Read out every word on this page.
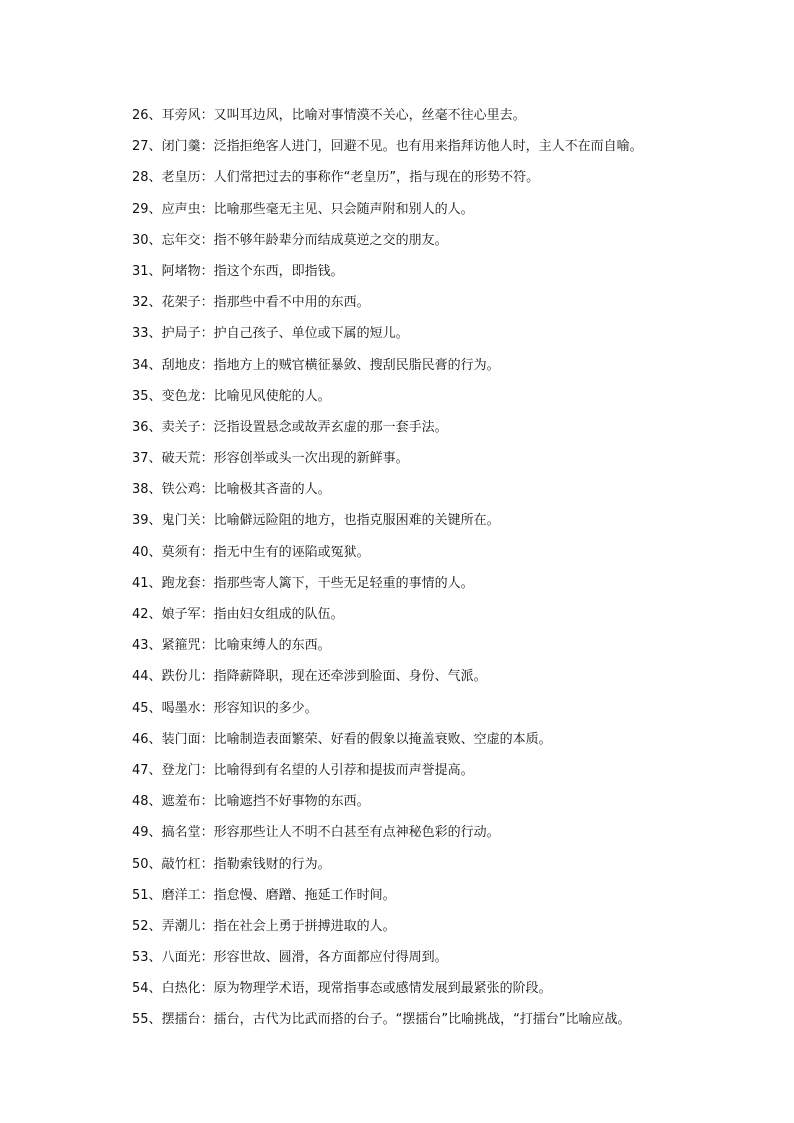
26、耳旁风：又叫耳边风，比喻对事情漠不关心，丝毫不往心里去。
27、闭门羹：泛指拒绝客人进门，回避不见。也有用来指拜访他人时，主人不在而自喻。
28、老皇历：人们常把过去的事称作“老皇历”，指与现在的形势不符。
29、应声虫：比喻那些毫无主见、只会随声附和别人的人。
30、忘年交：指不够年龄辈分而结成莫逆之交的朋友。
31、阿堵物：指这个东西，即指钱。
32、花架子：指那些中看不中用的东西。
33、护局子：护自己孩子、单位或下属的短儿。
34、刮地皮：指地方上的贼官横征暴敛、搜刮民脂民膏的行为。
35、变色龙：比喻见风使舵的人。
36、卖关子：泛指设置悬念或故弄玄虚的那一套手法。
37、破天荒：形容创举或头一次出现的新鲜事。
38、铁公鸡：比喻极其吝啬的人。
39、鬼门关：比喻僻远险阻的地方，也指克服困难的关键所在。
40、莫须有：指无中生有的诬陷或冤狱。
41、跑龙套：指那些寄人篱下，干些无足轻重的事情的人。
42、娘子军：指由妇女组成的队伍。
43、紧箍咒：比喻束缚人的东西。
44、跌份儿：指降薪降职，现在还牵涉到脸面、身份、气派。
45、喝墨水：形容知识的多少。
46、装门面：比喻制造表面繁荣、好看的假象以掩盖衰败、空虚的本质。
47、登龙门：比喻得到有名望的人引荐和提拔而声誉提高。
48、遮羞布：比喻遮挡不好事物的东西。
49、搞名堂：形容那些让人不明不白甚至有点神秘色彩的行动。
50、敲竹杠：指勒索钱财的行为。
51、磨洋工：指怠慢、磨蹭、拖延工作时间。
52、弄潮儿：指在社会上勇于拼搏进取的人。
53、八面光：形容世故、圆滑，各方面都应付得周到。
54、白热化：原为物理学术语，现常指事态或感情发展到最紧张的阶段。
55、摆擂台：擂台，古代为比武而搭的台子。“摆擂台”比喻挑战，“打擂台”比喻应战。
